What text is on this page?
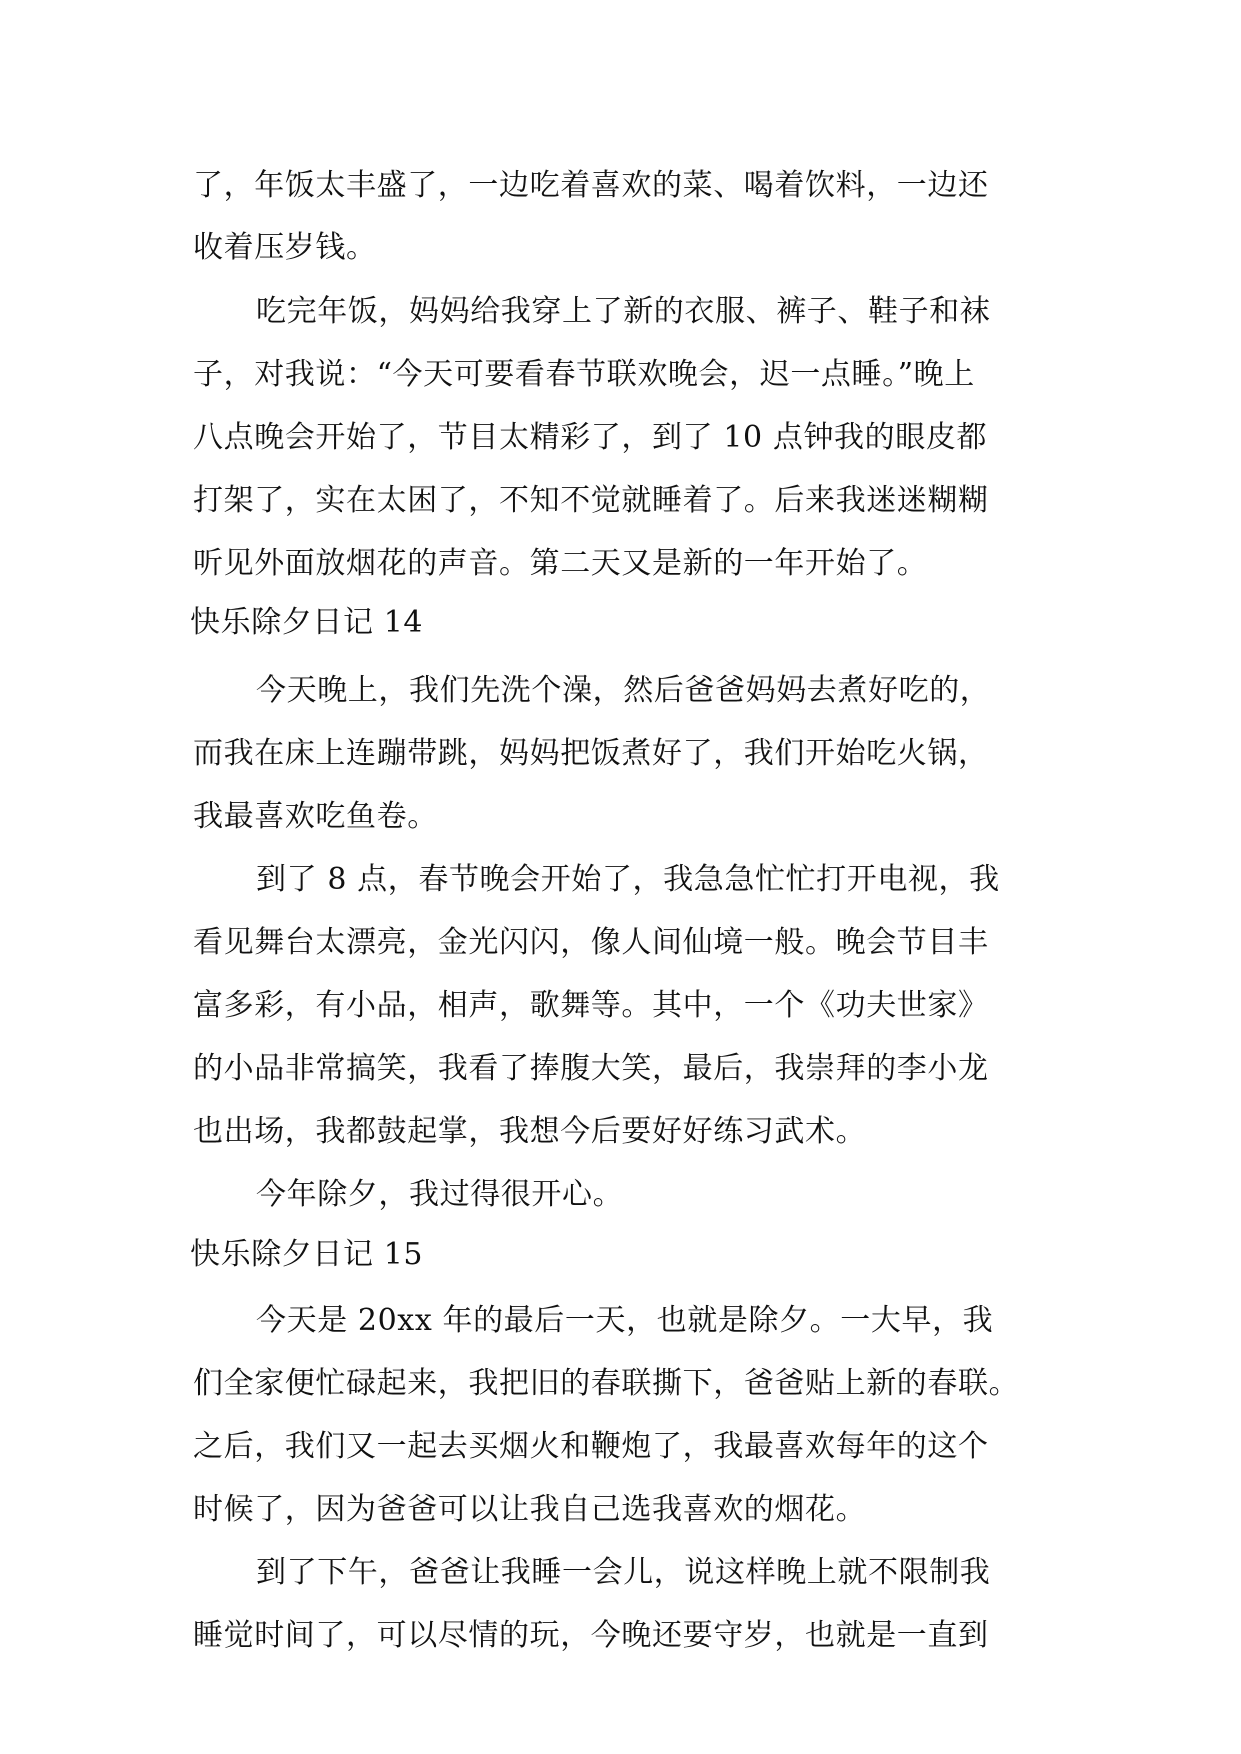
了，年饭太丰盛了，一边吃着喜欢的菜、喝着饮料，一边还

收着压岁钱。

吃完年饭，妈妈给我穿上了新的衣服、裤子、鞋子和袜

子，对我说：“今天可要看春节联欢晚会，迟一点睡。”晚上

八点晚会开始了，节目太精彩了，到了 10 点钟我的眼皮都

打架了，实在太困了，不知不觉就睡着了。后来我迷迷糊糊

听见外面放烟花的声音。第二天又是新的一年开始了。

快乐除夕日记 14

今天晚上，我们先洗个澡，然后爸爸妈妈去煮好吃的，

而我在床上连蹦带跳，妈妈把饭煮好了，我们开始吃火锅，

我最喜欢吃鱼卷。

到了 8 点，春节晚会开始了，我急急忙忙打开电视，我

看见舞台太漂亮，金光闪闪，像人间仙境一般。晚会节目丰

富多彩，有小品，相声，歌舞等。其中，一个《功夫世家》

的小品非常搞笑，我看了捧腹大笑，最后，我崇拜的李小龙

也出场，我都鼓起掌，我想今后要好好练习武术。

今年除夕，我过得很开心。

快乐除夕日记 15

今天是 20xx 年的最后一天，也就是除夕。一大早，我

们全家便忙碌起来，我把旧的春联撕下，爸爸贴上新的春联。

之后，我们又一起去买烟火和鞭炮了，我最喜欢每年的这个

时候了，因为爸爸可以让我自己选我喜欢的烟花。

到了下午，爸爸让我睡一会儿，说这样晚上就不限制我

睡觉时间了，可以尽情的玩，今晚还要守岁，也就是一直到
